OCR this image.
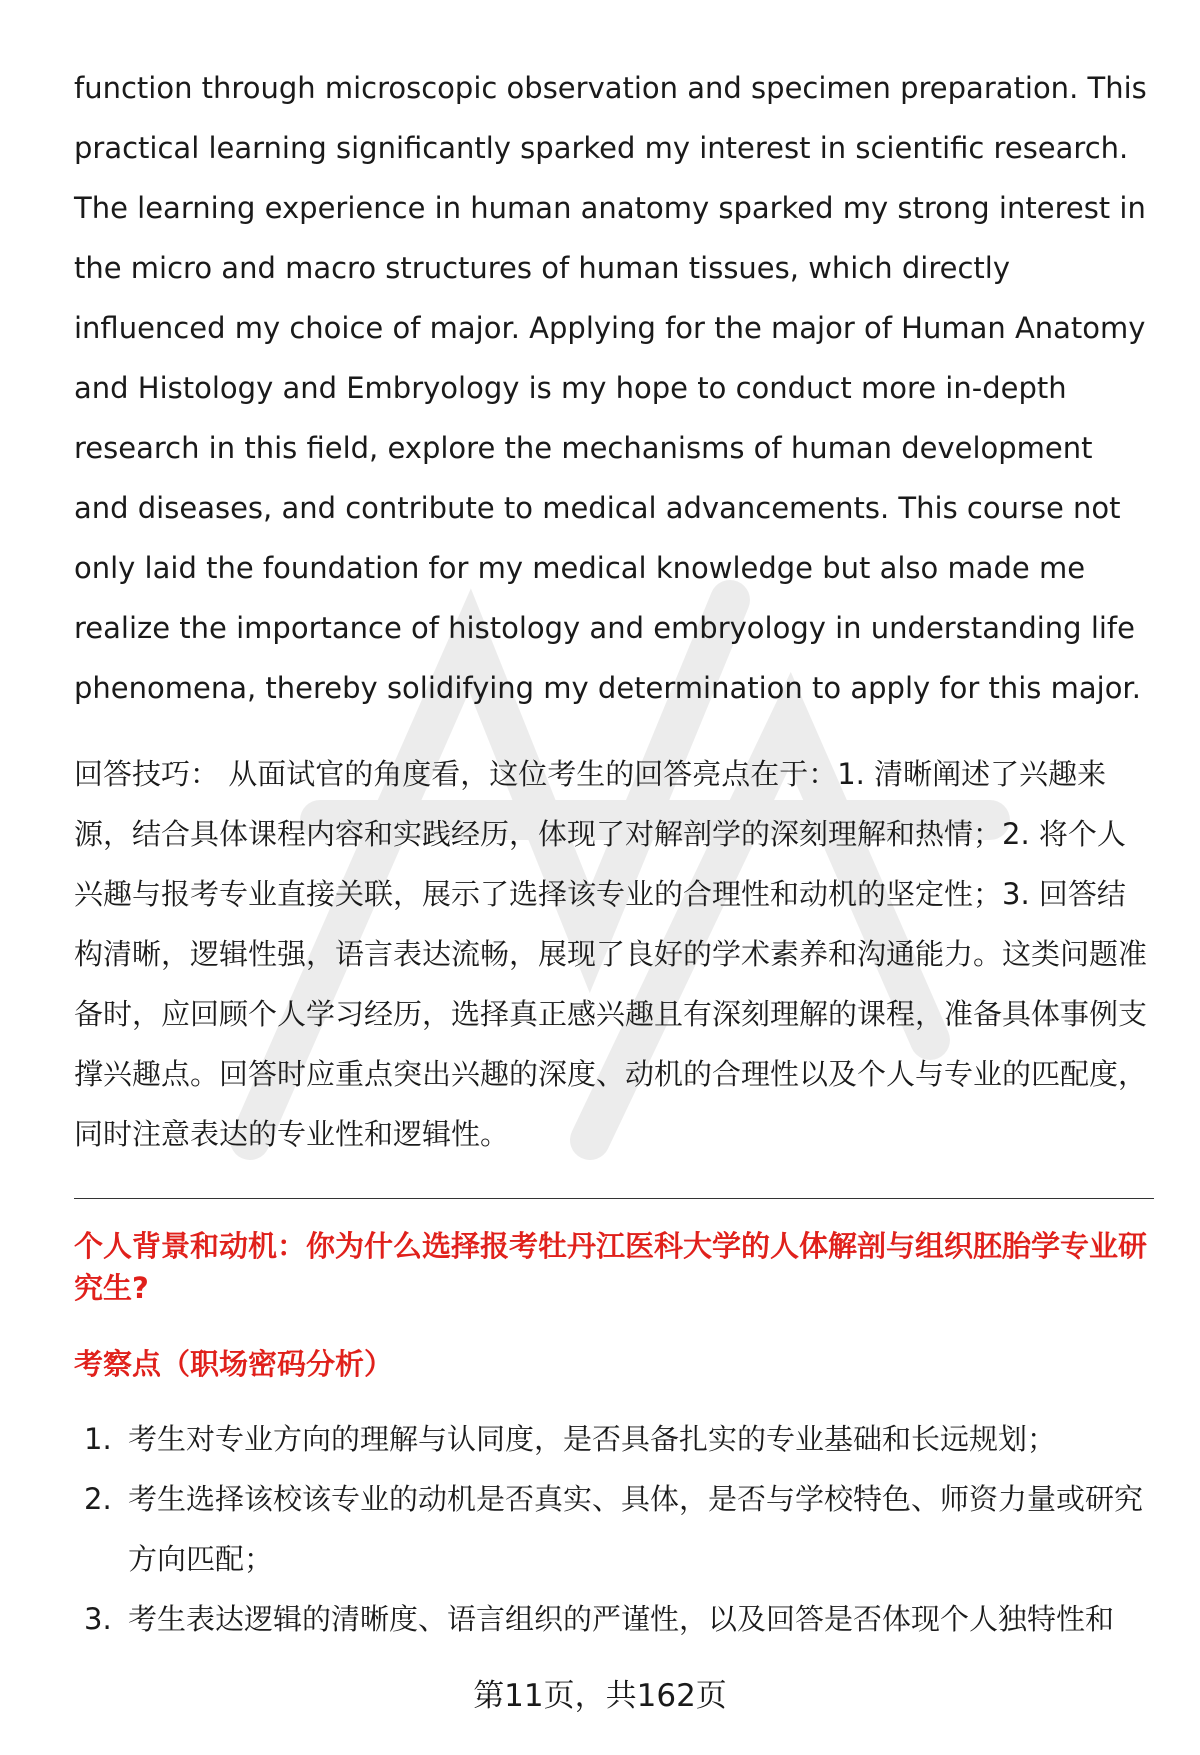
function through microscopic observation and specimen preparation. This practical learning significantly sparked my interest in scientific research. The learning experience in human anatomy sparked my strong interest in the micro and macro structures of human tissues, which directly influenced my choice of major. Applying for the major of Human Anatomy and Histology and Embryology is my hope to conduct more in-depth research in this field, explore the mechanisms of human development and diseases, and contribute to medical advancements. This course not only laid the foundation for my medical knowledge but also made me realize the importance of histology and embryology in understanding life phenomena, thereby solidifying my determination to apply for this major.

回答技巧： 从面试官的角度看，这位考生的回答亮点在于：1. 清晰阐述了兴趣来源，结合具体课程内容和实践经历，体现了对解剖学的深刻理解和热情；2. 将个人兴趣与报考专业直接关联，展示了选择该专业的合理性和动机的坚定性；3. 回答结构清晰，逻辑性强，语言表达流畅，展现了良好的学术素养和沟通能力。这类问题准备时，应回顾个人学习经历，选择真正感兴趣且有深刻理解的课程，准备具体事例支撑兴趣点。回答时应重点突出兴趣的深度、动机的合理性以及个人与专业的匹配度，同时注意表达的专业性和逻辑性。

个人背景和动机：你为什么选择报考牡丹江医科大学的人体解剖与组织胚胎学专业研究生?
考察点（职场密码分析）
1. 考生对专业方向的理解与认同度，是否具备扎实的专业基础和长远规划；
2. 考生选择该校该专业的动机是否真实、具体，是否与学校特色、师资力量或研究方向匹配；
3. 考生表达逻辑的清晰度、语言组织的严谨性，以及回答是否体现个人独特性和
第11页，共162页
